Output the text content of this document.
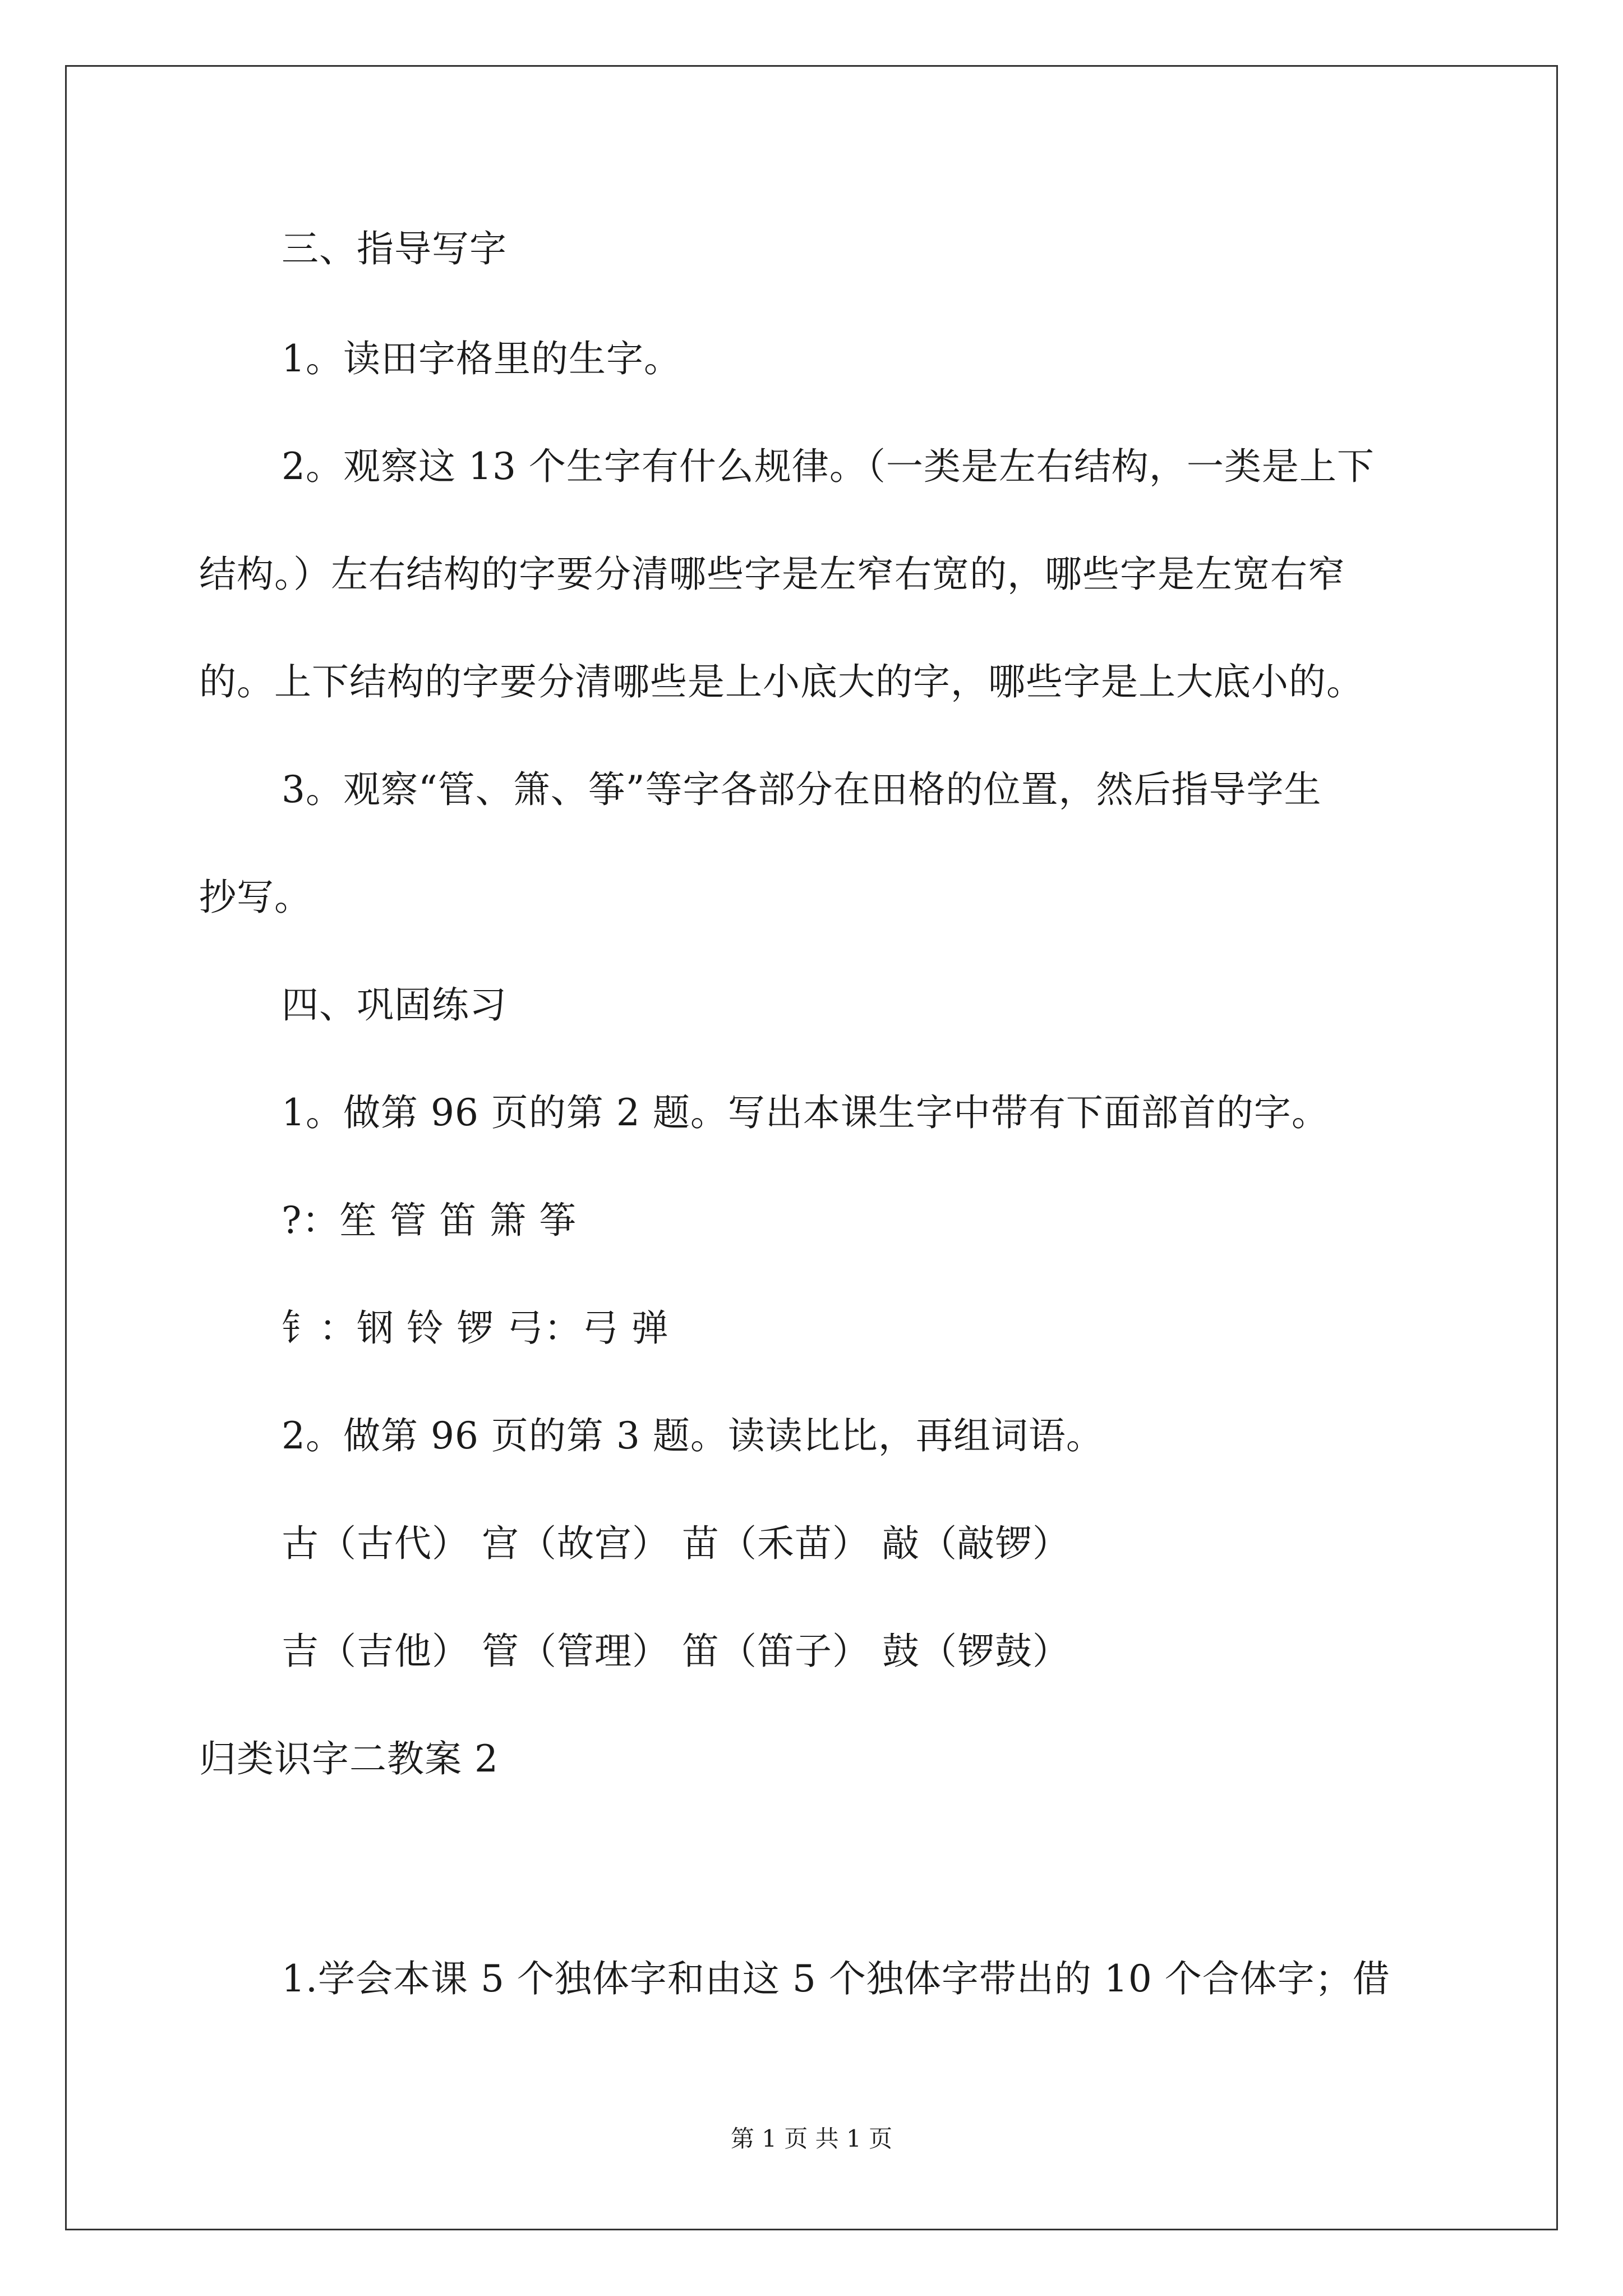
三、指导写字
1。读田字格里的生字。
2。观察这 13 个生字有什么规律。（一类是左右结构，一类是上下
结构。）左右结构的字要分清哪些字是左窄右宽的，哪些字是左宽右窄
的。上下结构的字要分清哪些是上小底大的字，哪些字是上大底小的。
3。观察“管、箫、筝”等字各部分在田格的位置，然后指导学生
抄写。
四、巩固练习
1。做第 96 页的第 2 题。写出本课生字中带有下面部首的字。
?：笙 管 笛 箫 筝
钅：钢 铃 锣 弓：弓 弹
2。做第 96 页的第 3 题。读读比比，再组词语。
古（古代） 宫（故宫） 苗（禾苗） 敲（敲锣）
吉（吉他） 管（管理） 笛（笛子） 鼓（锣鼓）
归类识字二教案 2
1.学会本课 5 个独体字和由这 5 个独体字带出的 10 个合体字；借
第 1 页 共 1 页
